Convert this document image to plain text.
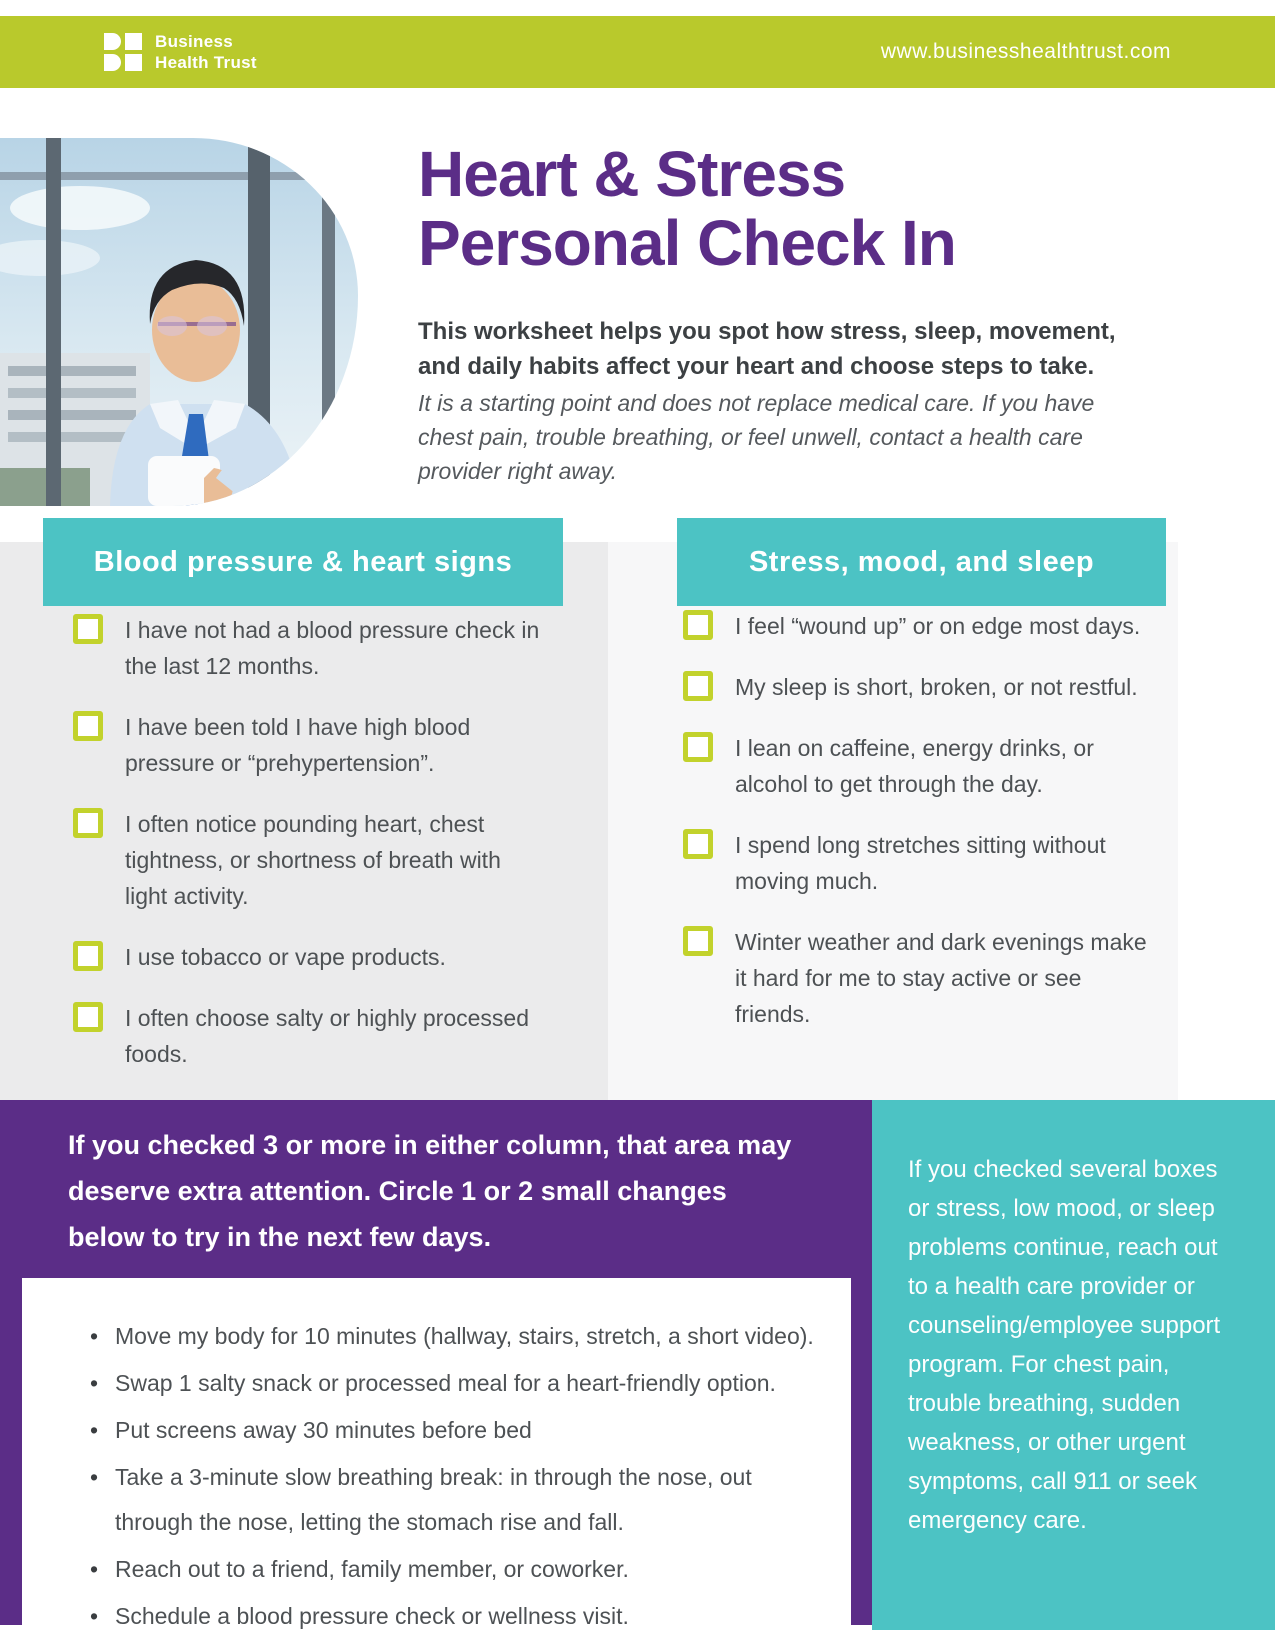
Business
Health Trust	www.businesshealthtrust.com
Heart & Stress
Personal Check In
This worksheet helps you spot how stress, sleep, movement, and daily habits affect your heart and choose steps to take.
It is a starting point and does not replace medical care. If you have chest pain, trouble breathing, or feel unwell, contact a health care provider right away.
Blood pressure & heart signs	Stress, mood, and sleep
I have not had a blood pressure check in the last 12 months.
I have been told I have high blood pressure or “prehypertension”.
I often notice pounding heart, chest tightness, or shortness of breath with light activity.
I use tobacco or vape products.
I often choose salty or highly processed foods.
I feel “wound up” or on edge most days.
My sleep is short, broken, or not restful.
I lean on caffeine, energy drinks, or alcohol to get through the day.
I spend long stretches sitting without moving much.
Winter weather and dark evenings make it hard for me to stay active or see friends.
If you checked 3 or more in either column, that area may deserve extra attention. Circle 1 or 2 small changes below to try in the next few days.
• Move my body for 10 minutes (hallway, stairs, stretch, a short video).
• Swap 1 salty snack or processed meal for a heart-friendly option.
• Put screens away 30 minutes before bed
• Take a 3-minute slow breathing break: in through the nose, out through the nose, letting the stomach rise and fall.
• Reach out to a friend, family member, or coworker.
• Schedule a blood pressure check or wellness visit.
If you checked several boxes or stress, low mood, or sleep problems continue, reach out to a health care provider or counseling/employee support program. For chest pain, trouble breathing, sudden weakness, or other urgent symptoms, call 911 or seek emergency care.
